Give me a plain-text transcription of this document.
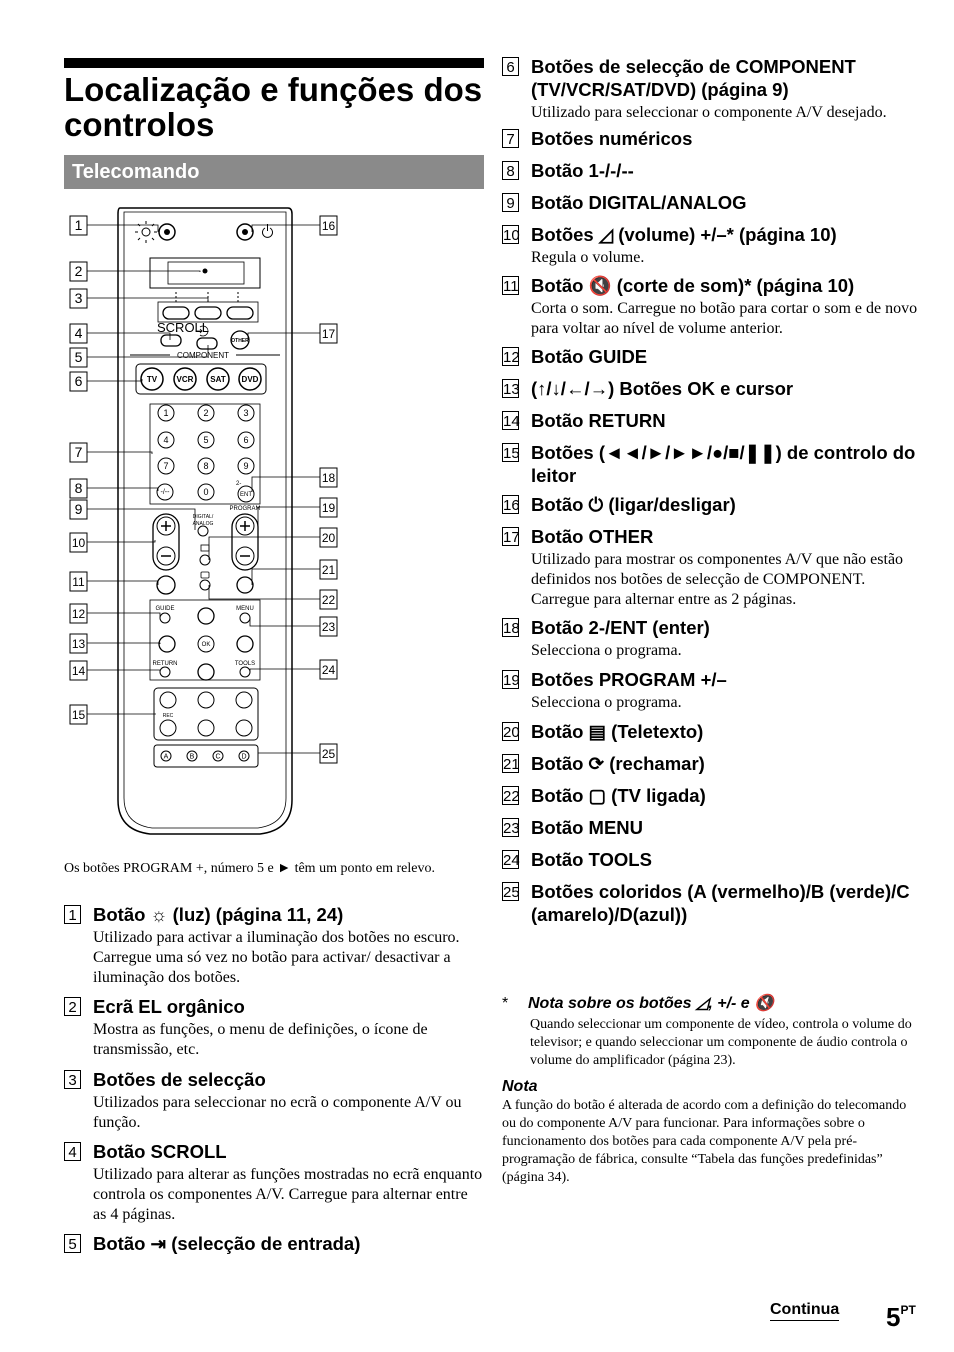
Localização e funções dos controlos
Telecomando
SCROLL
OTHER
COMPONENT
TV VCR SAT DVD
1	2	3
4	5	6
7	8	9
0
-/--
2-
ENT
DIGITAL/
ANALOG
PROGRAM
GUIDE	MENU
OK
RETURN	TOOLS
REC
A	B	C	D
1
2
3
4
5
6
7
8
9
10
11
12
13
14
15
16
17
18
19
20
21
22
23
24
25
Os botões PROGRAM +, número 5 e ► têm um ponto em relevo.
1 Botão ☼ (luz) (página 11, 24)
Utilizado para activar a iluminação dos botões no escuro. Carregue uma só vez no botão para activar/ desactivar a iluminação dos botões.
2 Ecrã EL orgânico
Mostra as funções, o menu de definições, o ícone de transmissão, etc.
3 Botões de selecção
Utilizados para seleccionar no ecrã o componente A/V ou função.
4 Botão SCROLL
Utilizado para alterar as funções mostradas no ecrã enquanto controla os componentes A/V. Carregue para alternar entre as 4 páginas.
5 Botão ⇥ (selecção de entrada)
6 Botões de selecção de COMPONENT (TV/VCR/SAT/DVD) (página 9)
Utilizado para seleccionar o componente A/V desejado.
7 Botões numéricos
8 Botão 1-/-/--
9 Botão DIGITAL/ANALOG
10 Botões ◿ (volume) +/–* (página 10)
Regula o volume.
11 Botão 🔇 (corte de som)* (página 10)
Corta o som. Carregue no botão para cortar o som e de novo para voltar ao nível de volume anterior.
12 Botão GUIDE
13 (↑/↓/←/→) Botões OK e cursor
14 Botão RETURN
15 Botões (◄◄/►/►►/●/■/❚❚) de controlo do leitor
16 Botão ⏻ (ligar/desligar)
17 Botão OTHER
Utilizado para mostrar os componentes A/V que não estão definidos nos botões de selecção de COMPONENT. Carregue para alternar entre as 2 páginas.
18 Botão 2-/ENT (enter)
Selecciona o programa.
19 Botões PROGRAM +/–
Selecciona o programa.
20 Botão ▤ (Teletexto)
21 Botão ⟳ (rechamar)
22 Botão ▢ (TV ligada)
23 Botão MENU
24 Botão TOOLS
25 Botões coloridos (A (vermelho)/B (verde)/C (amarelo)/D(azul))
* Nota sobre os botões ◿, +/- e 🔇
Quando seleccionar um componente de vídeo, controla o volume do televisor; e quando seleccionar um componente de áudio controla o volume do amplificador (página 23).
Nota
A função do botão é alterada de acordo com a definição do telecomando ou do componente A/V para funcionar. Para informações sobre o funcionamento dos botões para cada componente A/V pela pré-programação de fábrica, consulte “Tabela das funções predefinidas” (página 34).
Continua $5^{PT}$
